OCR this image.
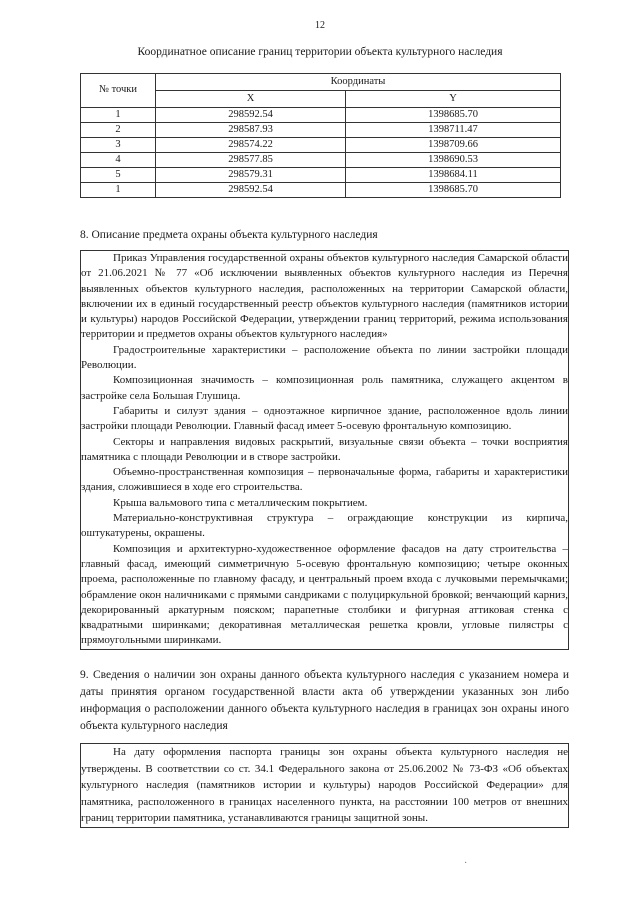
12
Координатное описание границ территории объекта культурного наследия
№ точки	Координаты	
	X	Y
1	298592.54	1398685.70
2	298587.93	1398711.47
3	298574.22	1398709.66
4	298577.85	1398690.53
5	298579.31	1398684.11
1	298592.54	1398685.70
8. Описание предмета охраны объекта культурного наследия

Приказ Управления государственной охраны объектов культурного наследия Самарской области от 21.06.2021 № 77 «Об исключении выявленных объектов культурного наследия из Перечня выявленных объектов культурного наследия, расположенных на территории Самарской области, включении их в единый государственный реестр объектов культурного наследия (памятников истории и культуры) народов Российской Федерации, утверждении границ территорий, режима использования территории и предметов охраны объектов культурного наследия»

Градостроительные характеристики – расположение объекта по линии застройки площади Революции.

Композиционная значимость – композиционная роль памятника, служащего акцентом в застройке села Большая Глушица.

Габариты и силуэт здания – одноэтажное кирпичное здание, расположенное вдоль линии застройки площади Революции. Главный фасад имеет 5-осевую фронтальную композицию.

Секторы и направления видовых раскрытий, визуальные связи объекта – точки восприятия памятника с площади Революции и в створе застройки.

Объемно-пространственная композиция – первоначальные форма, габариты и характеристики здания, сложившиеся в ходе его строительства.

Крыша вальмового типа с металлическим покрытием.

Материально-конструктивная структура – ограждающие конструкции из кирпича, оштукатурены, окрашены.

Композиция и архитектурно-художественное оформление фасадов на дату строительства – главный фасад, имеющий симметричную 5-осевую фронтальную композицию; четыре оконных проема, расположенные по главному фасаду, и центральный проем входа с лучковыми перемычками; обрамление окон наличниками с прямыми сандриками с полуциркульной бровкой; венчающий карниз, декорированный аркатурным пояском; парапетные столбики и фигурная аттиковая стенка с квадратными ширинками; декоративная металлическая решетка кровли, угловые пилястры с прямоугольными ширинками.

9. Сведения о наличии зон охраны данного объекта культурного наследия с указанием номера и даты принятия органом государственной власти акта об утверждении указанных зон либо информация о расположении данного объекта культурного наследия в границах зон охраны иного объекта культурного наследия

На дату оформления паспорта границы зон охраны объекта культурного наследия не утверждены. В соответствии со ст. 34.1 Федерального закона от 25.06.2002 № 73-ФЗ «Об объектах культурного наследия (памятников истории и культуры) народов Российской Федерации» для памятника, расположенного в границах населенного пункта, на расстоянии 100 метров от внешних границ территории памятника, устанавливаются границы защитной зоны.

·
